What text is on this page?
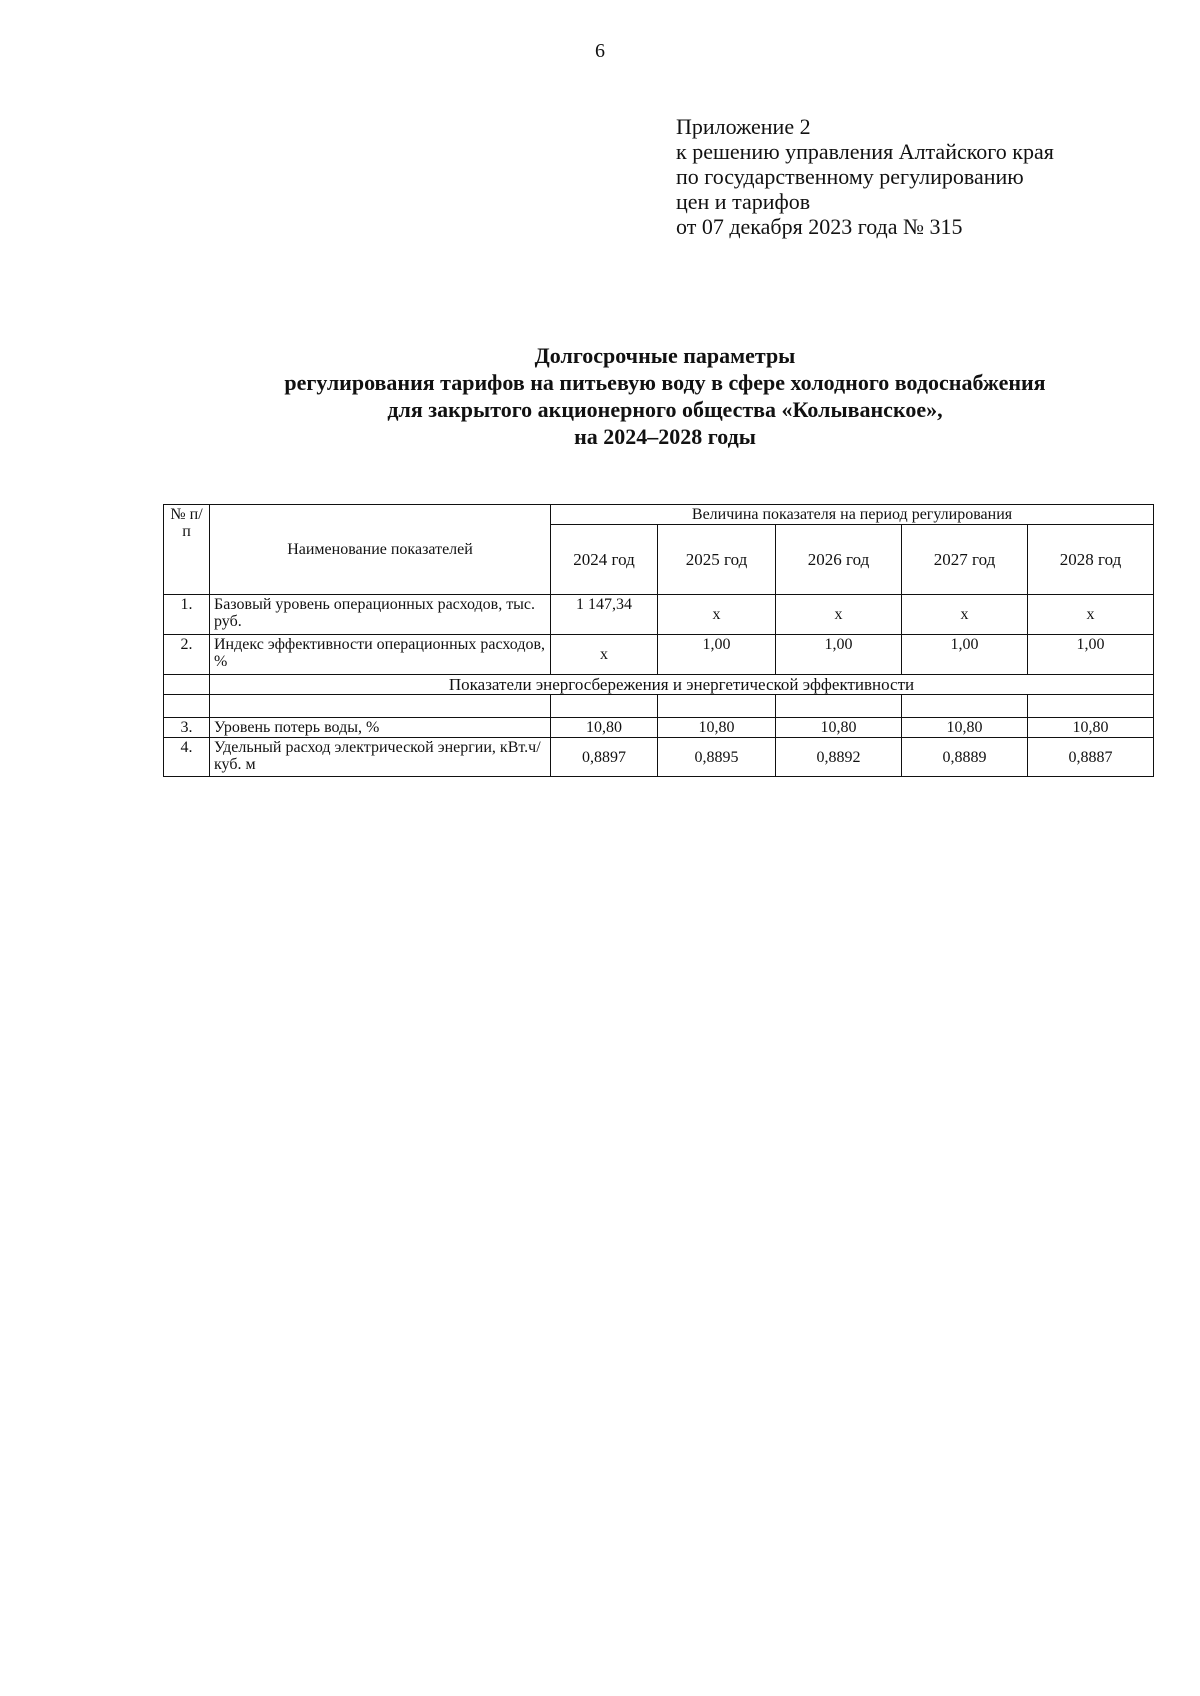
6
Приложение 2
к решению управления Алтайского края
по государственному регулированию
цен и тарифов
от 07 декабря 2023 года № 315
Долгосрочные параметры
регулирования тарифов на питьевую воду в сфере холодного водоснабжения
для закрытого акционерного общества «Колыванское»,
на 2024–2028 годы
№ п/п	Наименование показателей	Величина показателя на период регулирования				
		2024 год	2025 год	2026 год	2027 год	2028 год
1.	Базовый уровень операционных расходов, тыс. руб.	1 147,34	х	х	х	х
2.	Индекс эффективности операционных расходов, %	х	1,00	1,00	1,00	1,00
	Показатели энергосбережения и энергетической эффективности					

3.	Уровень потерь воды, %	10,80	10,80	10,80	10,80	10,80
4.	Удельный расход электрической энергии, кВт.ч/куб. м	0,8897	0,8895	0,8892	0,8889	0,8887
